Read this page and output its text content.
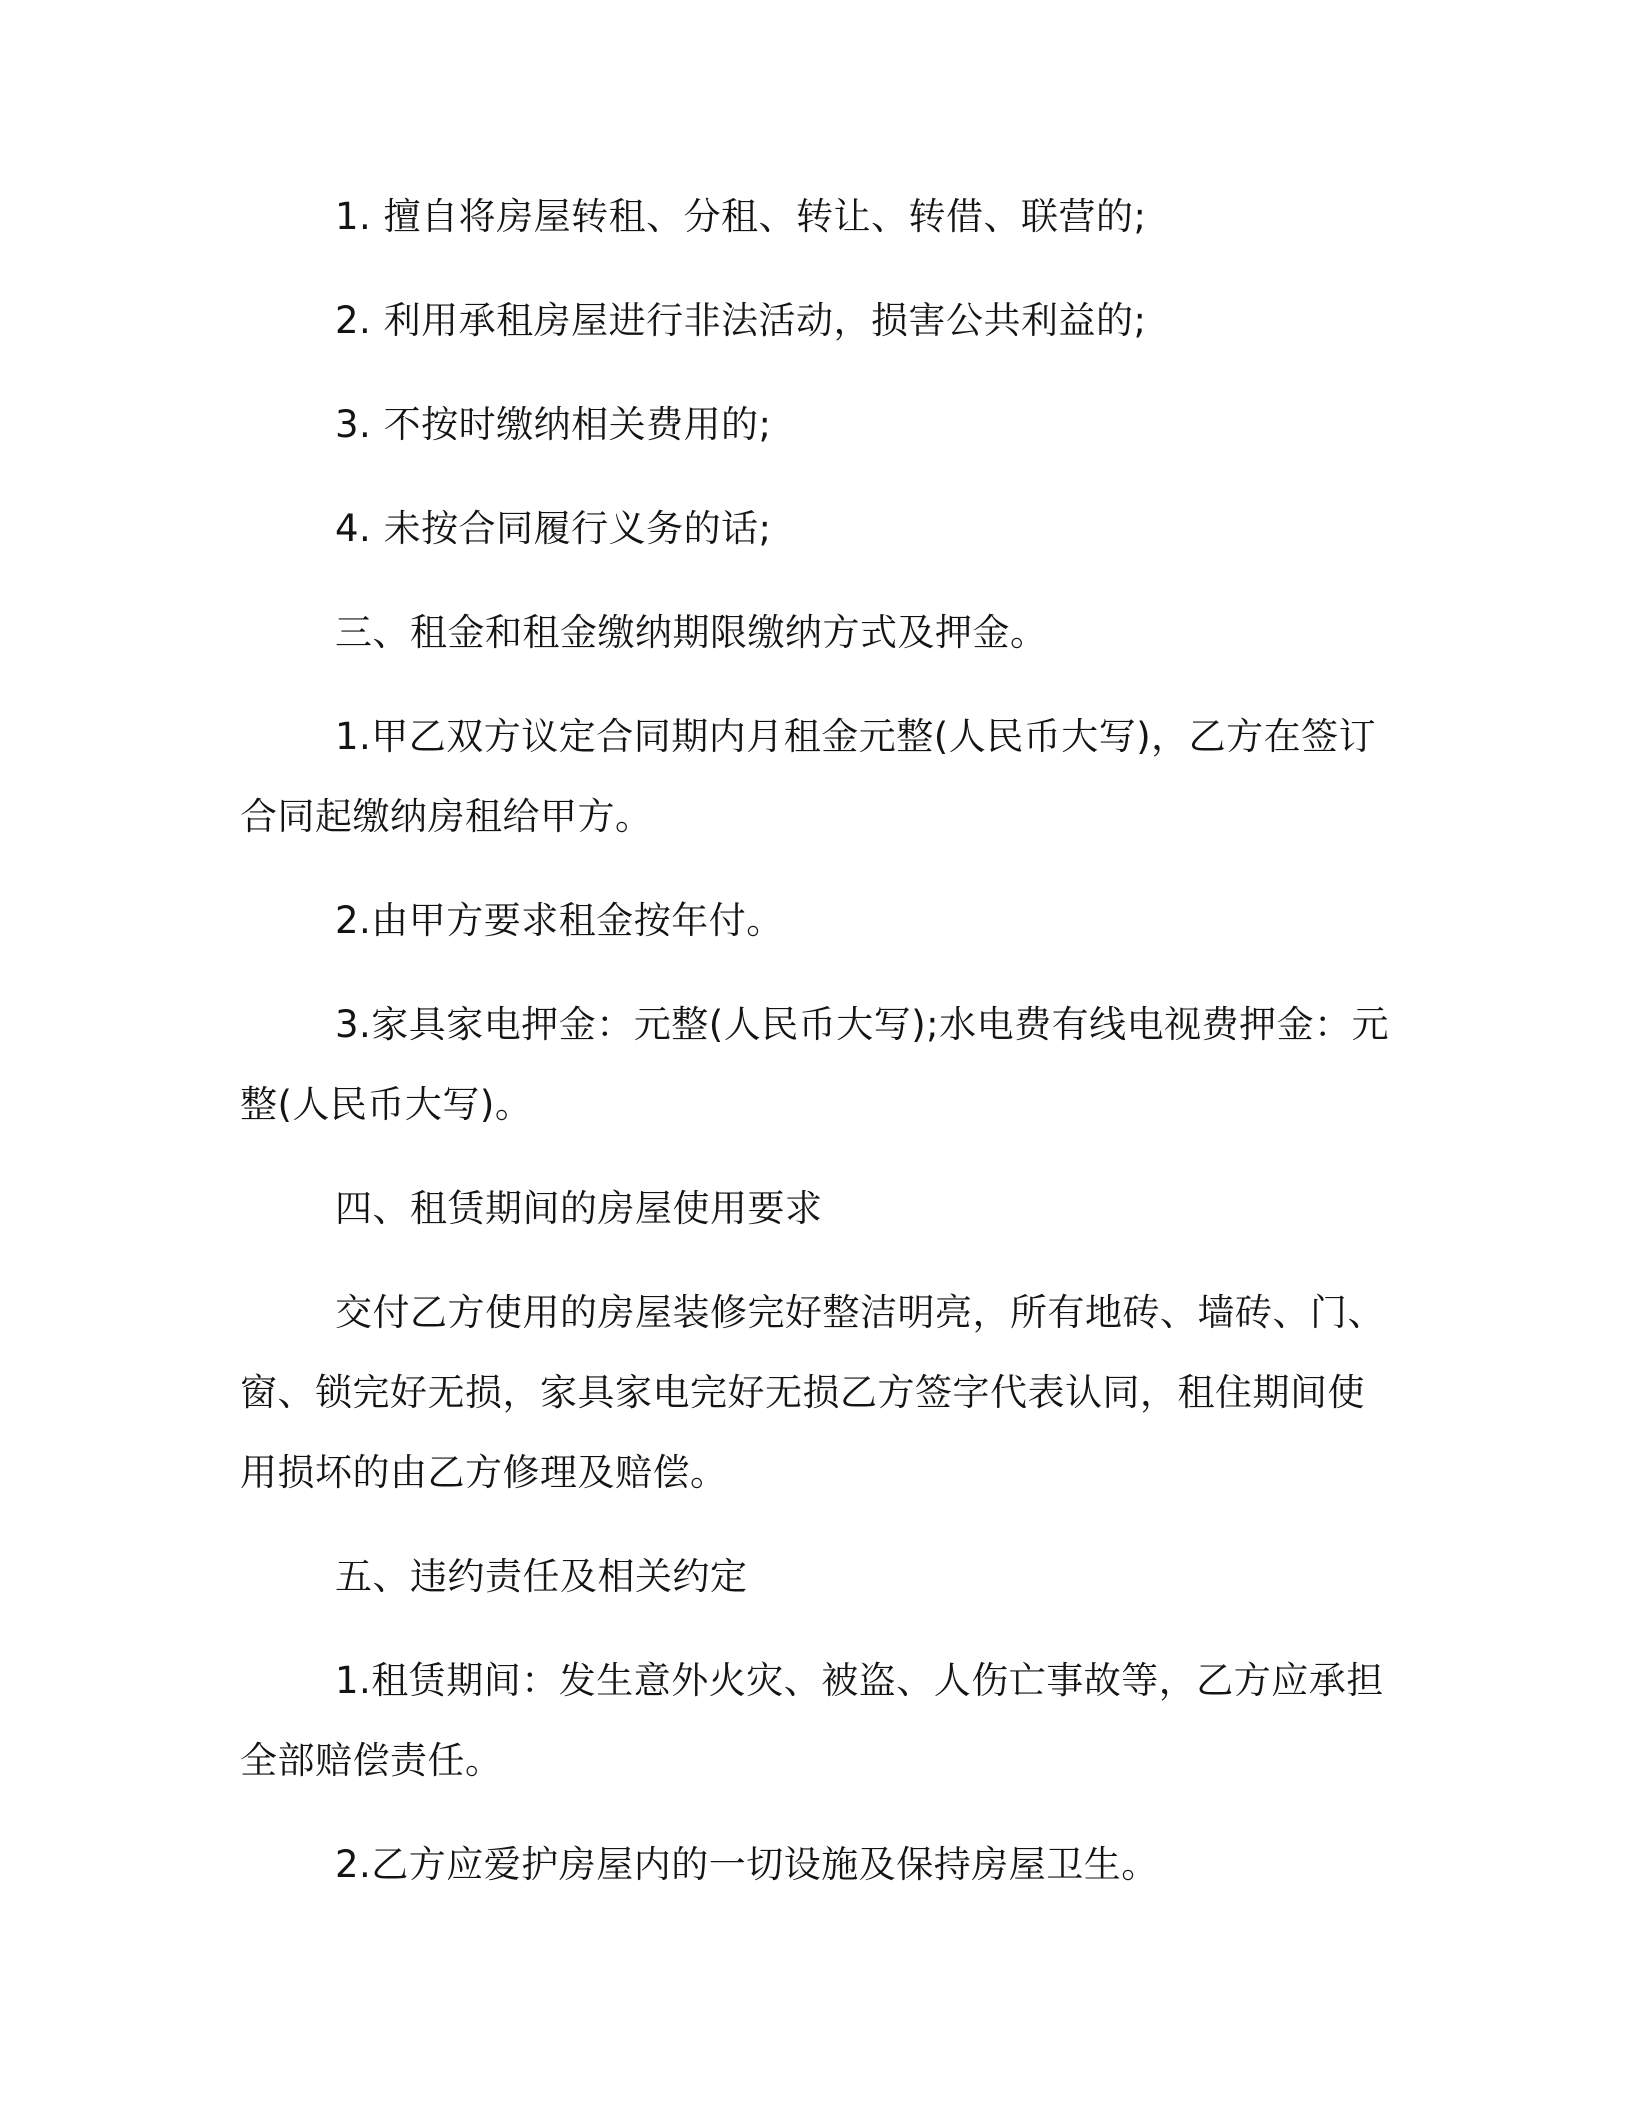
1. 擅自将房屋转租、分租、转让、转借、联营的;

2. 利用承租房屋进行非法活动，损害公共利益的;

3. 不按时缴纳相关费用的;

4. 未按合同履行义务的话;

三、租金和租金缴纳期限缴纳方式及押金。

1.甲乙双方议定合同期内月租金元整(人民币大写)，乙方在签订
合同起缴纳房租给甲方。

2.由甲方要求租金按年付。

3.家具家电押金：元整(人民币大写);水电费有线电视费押金：元
整(人民币大写)。

四、租赁期间的房屋使用要求

交付乙方使用的房屋装修完好整洁明亮，所有地砖、墙砖、门、
窗、锁完好无损，家具家电完好无损乙方签字代表认同，租住期间使
用损坏的由乙方修理及赔偿。

五、违约责任及相关约定

1.租赁期间：发生意外火灾、被盗、人伤亡事故等，乙方应承担
全部赔偿责任。

2.乙方应爱护房屋内的一切设施及保持房屋卫生。
